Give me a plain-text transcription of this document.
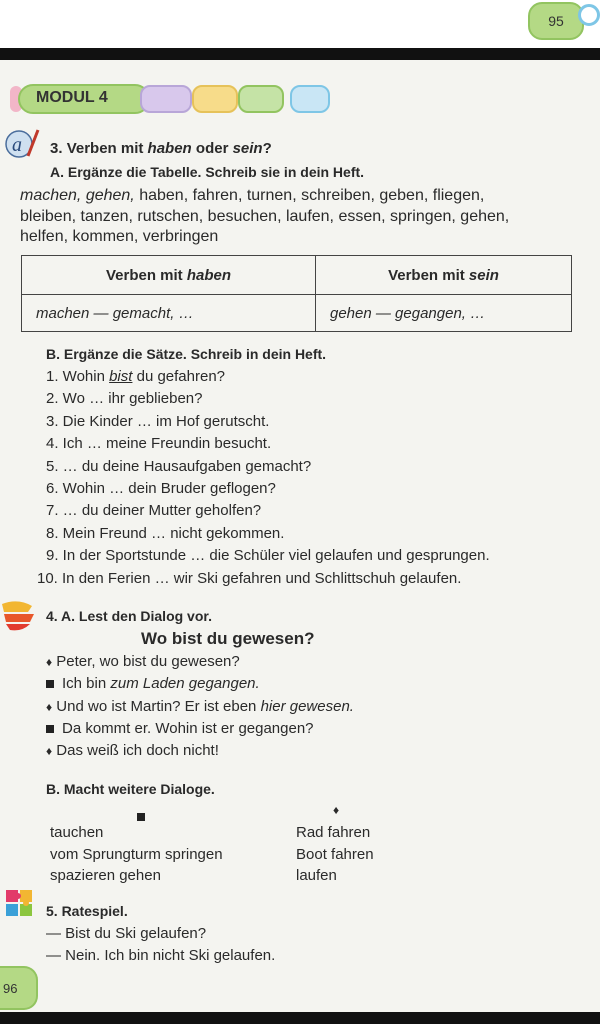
95
MODUL 4
a 3. Verben mit haben oder sein?
A. Ergänze die Tabelle. Schreib sie in dein Heft.
machen, gehen, haben, fahren, turnen, schreiben, geben, fliegen,
bleiben, tanzen, rutschen, besuchen, laufen, essen, springen, gehen,
helfen, kommen, verbringen
Verben mit haben	Verben mit sein
machen — gemacht, …	gehen — gegangen, …
B. Ergänze die Sätze. Schreib in dein Heft.
1. Wohin bist du gefahren?
2. Wo … ihr geblieben?
3. Die Kinder … im Hof gerutscht.
4. Ich … meine Freundin besucht.
5. … du deine Hausaufgaben gemacht?
6. Wohin … dein Bruder geflogen?
7. … du deiner Mutter geholfen?
8. Mein Freund … nicht gekommen.
9. In der Sportstunde … die Schüler viel gelaufen und gesprungen.
10. In den Ferien … wir Ski gefahren und Schlittschuh gelaufen.
4. A. Lest den Dialog vor.
Wo bist du gewesen?
♦ Peter, wo bist du gewesen?
Ich bin zum Laden gegangen.
♦ Und wo ist Martin? Er ist eben hier gewesen.
Da kommt er. Wohin ist er gegangen?
♦ Das weiß ich doch nicht!
B. Macht weitere Dialoge.
♦
tauchen
vom Sprungturm springen
spazieren gehen
Rad fahren
Boot fahren
laufen
5. Ratespiel.
— Bist du Ski gelaufen?
— Nein. Ich bin nicht Ski gelaufen.
96
